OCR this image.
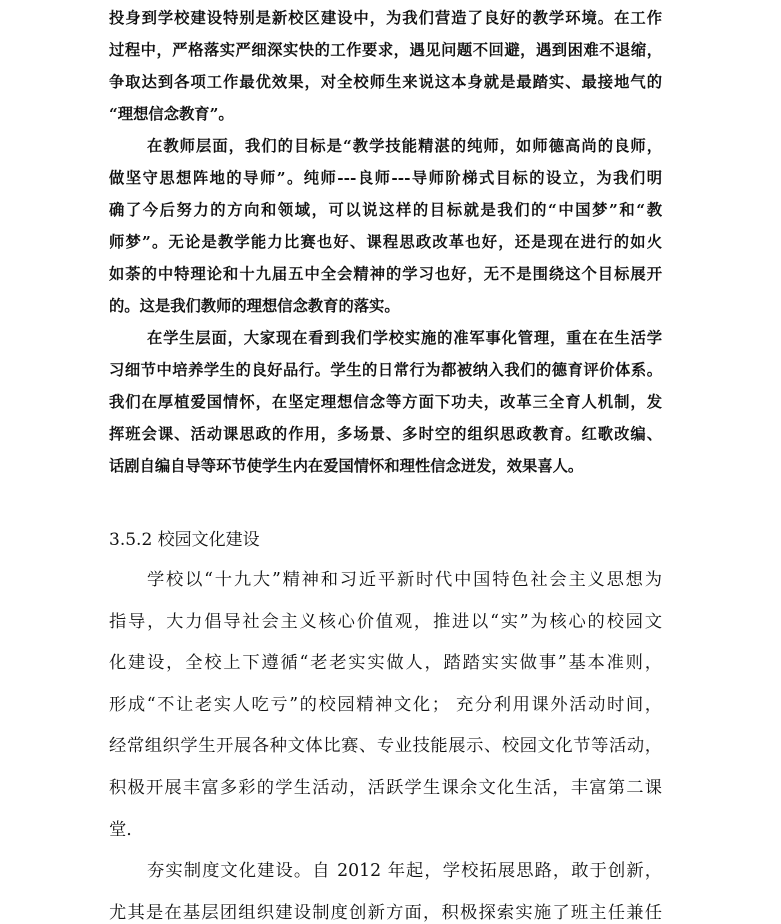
投身到学校建设特别是新校区建设中，为我们营造了良好的教学环境。在工作
过程中，严格落实严细深实快的工作要求，遇见问题不回避，遇到困难不退缩，
争取达到各项工作最优效果，对全校师生来说这本身就是最踏实、最接地气的
“理想信念教育”。
在教师层面，我们的目标是“教学技能精湛的纯师，如师德高尚的良师，
做坚守思想阵地的导师”。纯师---良师---导师阶梯式目标的设立，为我们明
确了今后努力的方向和领域，可以说这样的目标就是我们的“中国梦”和“教
师梦”。无论是教学能力比赛也好、课程思政改革也好，还是现在进行的如火
如荼的中特理论和十九届五中全会精神的学习也好，无不是围绕这个目标展开
的。这是我们教师的理想信念教育的落实。
在学生层面，大家现在看到我们学校实施的准军事化管理，重在在生活学
习细节中培养学生的良好品行。学生的日常行为都被纳入我们的德育评价体系。
我们在厚植爱国情怀，在坚定理想信念等方面下功夫，改革三全育人机制，发
挥班会课、活动课思政的作用，多场景、多时空的组织思政教育。红歌改编、
话剧自编自导等环节使学生内在爱国情怀和理性信念迸发，效果喜人。
3.5.2 校园文化建设
学校以“十九大”精神和习近平新时代中国特色社会主义思想为
指导，大力倡导社会主义核心价值观，推进以“实”为核心的校园文
化建设，全校上下遵循“老老实实做人，踏踏实实做事”基本准则，
形成“不让老实人吃亏”的校园精神文化； 充分利用课外活动时间，
经常组织学生开展各种文体比赛、专业技能展示、校园文化节等活动，
积极开展丰富多彩的学生活动，活跃学生课余文化生活，丰富第二课
堂.
夯实制度文化建设。自 2012 年起，学校拓展思路，敢于创新，
尤其是在基层团组织建设制度创新方面，积极探索实施了班主任兼任
